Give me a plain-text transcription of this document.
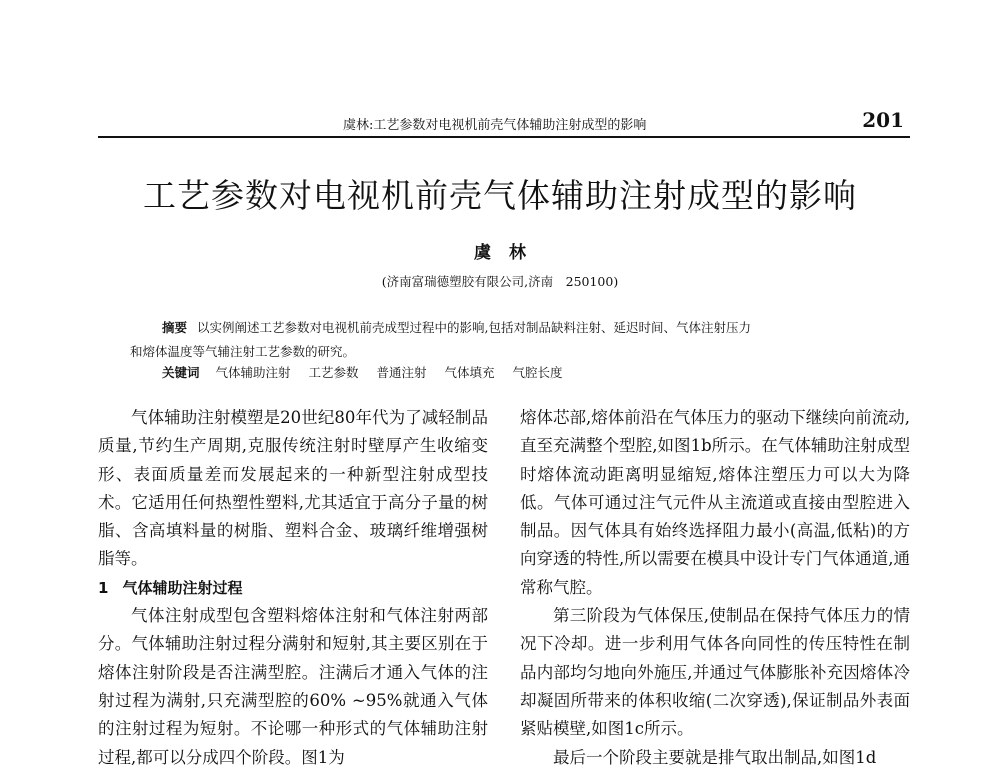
虞林:工艺参数对电视机前壳气体辅助注射成型的影响	201
工艺参数对电视机前壳气体辅助注射成型的影响
虞林
(济南富瑞德塑胶有限公司,济南　250100)
摘要 以实例阐述工艺参数对电视机前壳成型过程中的影响,包括对制品缺料注射、延迟时间、气体注射压力
和熔体温度等气辅注射工艺参数的研究。
关键词 气体辅助注射 工艺参数 普通注射 气体填充 气腔长度

气体辅助注射模塑是20世纪80年代为了减轻制品质量,节约生产周期,克服传统注射时壁厚产生收缩变形、表面质量差而发展起来的一种新型注射成型技术。它适用任何热塑性塑料,尤其适宜于高分子量的树脂、含高填料量的树脂、塑料合金、玻璃纤维增强树脂等。

1 气体辅助注射过程

气体注射成型包含塑料熔体注射和气体注射两部分。气体辅助注射过程分满射和短射,其主要区别在于熔体注射阶段是否注满型腔。注满后才通入气体的注射过程为满射,只充满型腔的60% ~95%就通入气体的注射过程为短射。不论哪一种形式的气体辅助注射过程,都可以分成四个阶段。图1为

熔体芯部,熔体前沿在气体压力的驱动下继续向前流动,直至充满整个型腔,如图1b所示。在气体辅助注射成型时熔体流动距离明显缩短,熔体注塑压力可以大为降低。气体可通过注气元件从主流道或直接由型腔进入制品。因气体具有始终选择阻力最小(高温,低粘)的方向穿透的特性,所以需要在模具中设计专门气体通道,通常称气腔。

第三阶段为气体保压,使制品在保持气体压力的情况下冷却。进一步利用气体各向同性的传压特性在制品内部均匀地向外施压,并通过气体膨胀补充因熔体冷却凝固所带来的体积收缩(二次穿透),保证制品外表面紧贴模壁,如图1c所示。

最后一个阶段主要就是排气取出制品,如图1d
